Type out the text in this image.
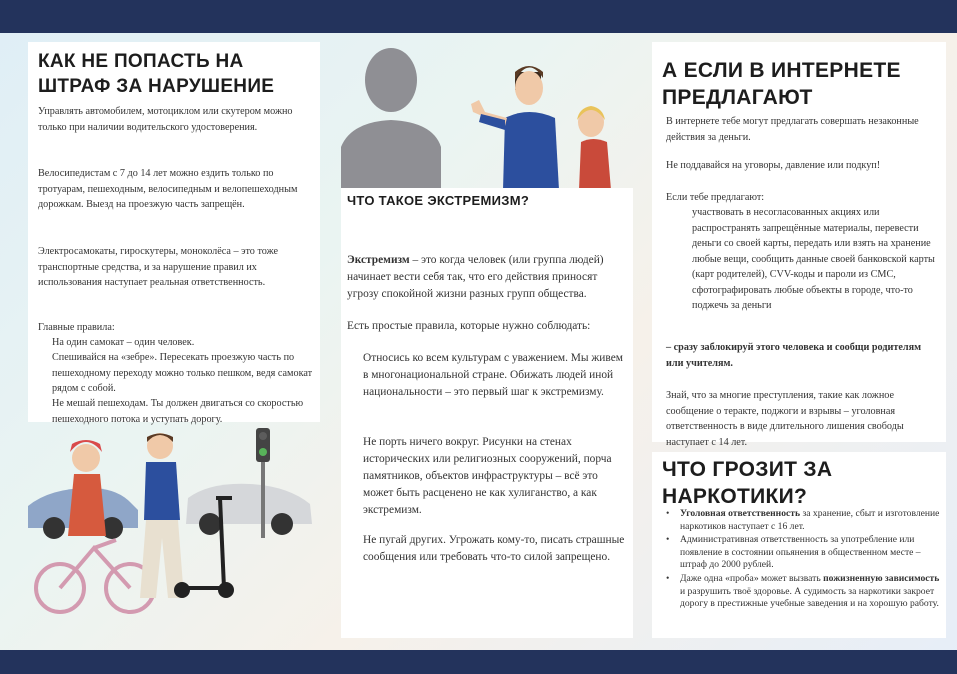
КАК НЕ ПОПАСТЬ НА ШТРАФ ЗА НАРУШЕНИЕ
Управлять автомобилем, мотоциклом или скутером можно только при наличии водительского удостоверения.
Велосипедистам с 7 до 14 лет можно ездить только по тротуарам, пешеходным, велосипедным и велопешеходным дорожкам. Выезд на проезжую часть запрещён.
Электросамокаты, гироскутеры, моноколёса – это тоже транспортные средства, и за нарушение правил их использования наступает реальная ответственность.
Главные правила:
На один самокат – один человек.
Спешивайся на «зебре». Пересекать проезжую часть по пешеходному переходу можно только пешком, ведя самокат рядом с собой.
Не мешай пешеходам. Ты должен двигаться со скоростью пешеходного потока и уступать дорогу.
ЧТО ТАКОЕ ЭКСТРЕМИЗМ?
Экстремизм – это когда человек (или группа людей) начинает вести себя так, что его действия приносят угрозу спокойной жизни разных групп общества.
Есть простые правила, которые нужно соблюдать:
Относись ко всем культурам с уважением. Мы живем в многонациональной стране. Обижать людей иной национальности – это первый шаг к экстремизму.
Не порть ничего вокруг. Рисунки на стенах исторических или религиозных сооружений, порча памятников, объектов инфраструктуры – всё это может быть расценено не как хулиганство, а как экстремизм.
Не пугай других. Угрожать кому-то, писать страшные сообщения или требовать что-то силой запрещено.
А ЕСЛИ В ИНТЕРНЕТЕ ПРЕДЛАГАЮТ
В интернете тебе могут предлагать совершать незаконные действия за деньги.
Не поддавайся на уговоры, давление или подкуп!
Если тебе предлагают:
участвовать в несогласованных акциях или распространять запрещённые материалы, перевести деньги со своей карты, передать или взять на хранение любые вещи, сообщить данные своей банковской карты (карт родителей), CVV-коды и пароли из СМС, сфотографировать любые объекты в городе, что-то поджечь за деньги
– сразу заблокируй этого человека и сообщи родителям или учителям.
Знай, что за многие преступления, такие как ложное сообщение о теракте, поджоги и взрывы – уголовная ответственность в виде длительного лишения свободы наступает с 14 лет.
ЧТО ГРОЗИТ ЗА НАРКОТИКИ?
• Уголовная ответственность за хранение, сбыт и изготовление наркотиков наступает с 16 лет.
• Административная ответственность за употребление или появление в состоянии опьянения в общественном месте – штраф до 2000 рублей.
• Даже одна «проба» может вызвать пожизненную зависимость и разрушить твоё здоровье. А судимость за наркотики закроет дорогу в престижные учебные заведения и на хорошую работу.
